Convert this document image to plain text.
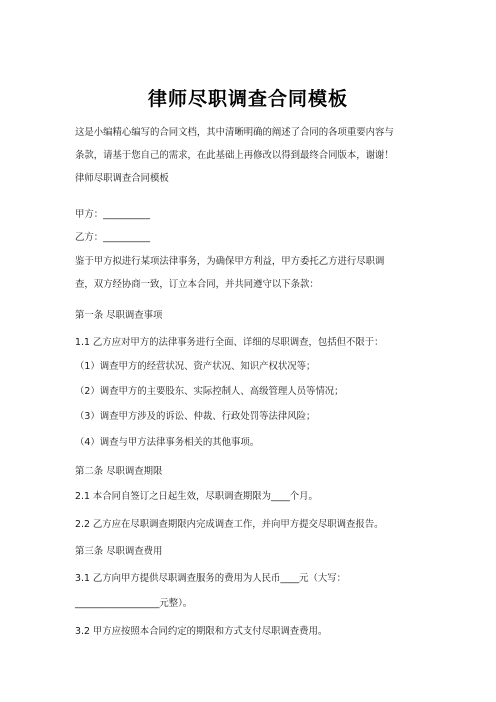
律师尽职调查合同模板
这是小编精心编写的合同文档，其中清晰明确的阐述了合同的各项重要内容与
条款，请基于您自己的需求，在此基础上再修改以得到最终合同版本，谢谢！
律师尽职调查合同模板
甲方：__________
乙方：__________
鉴于甲方拟进行某项法律事务，为确保甲方利益，甲方委托乙方进行尽职调
查，双方经协商一致，订立本合同，并共同遵守以下条款：
第一条 尽职调查事项
1.1 乙方应对甲方的法律事务进行全面、详细的尽职调查，包括但不限于：
（1）调查甲方的经营状况、资产状况、知识产权状况等；
（2）调查甲方的主要股东、实际控制人、高级管理人员等情况；
（3）调查甲方涉及的诉讼、仲裁、行政处罚等法律风险；
（4）调查与甲方法律事务相关的其他事项。
第二条 尽职调查期限
2.1 本合同自签订之日起生效，尽职调查期限为____个月。
2.2 乙方应在尽职调查期限内完成调查工作，并向甲方提交尽职调查报告。
第三条 尽职调查费用
3.1 乙方向甲方提供尽职调查服务的费用为人民币____元（大写：
__________________元整）。
3.2 甲方应按照本合同约定的期限和方式支付尽职调查费用。
